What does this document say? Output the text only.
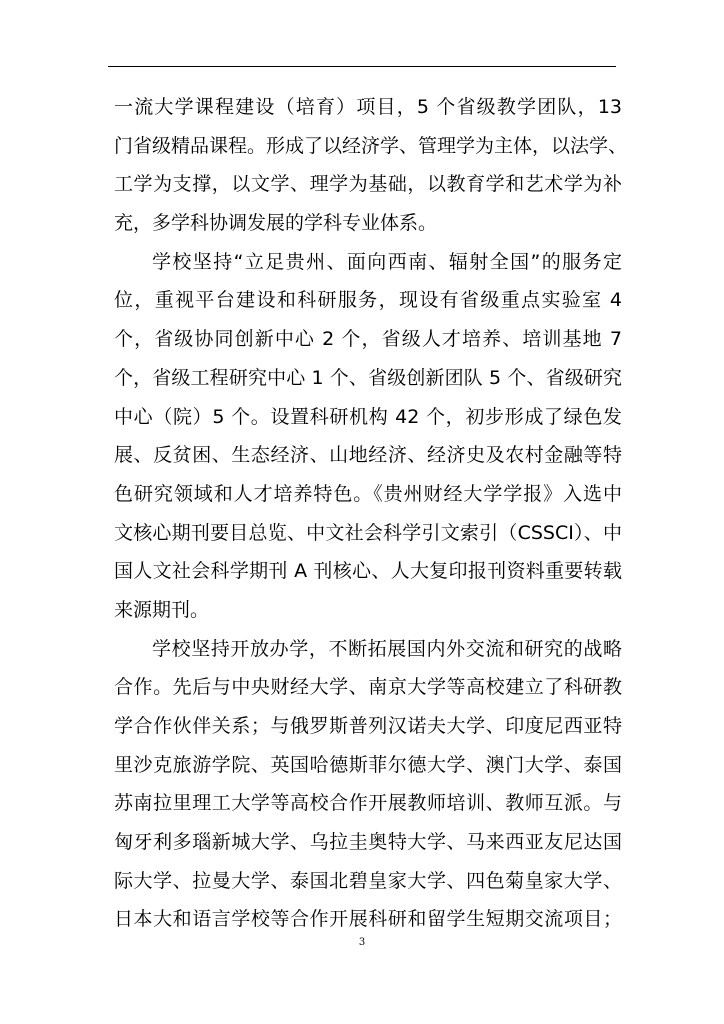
一流大学课程建设（培育）项目，5 个省级教学团队，13
门省级精品课程。形成了以经济学、管理学为主体，以法学、
工学为支撑，以文学、理学为基础，以教育学和艺术学为补
充，多学科协调发展的学科专业体系。
学校坚持“立足贵州、面向西南、辐射全国”的服务定
位，重视平台建设和科研服务，现设有省级重点实验室 4
个，省级协同创新中心 2 个，省级人才培养、培训基地 7
个，省级工程研究中心 1 个、省级创新团队 5 个、省级研究
中心（院）5 个。设置科研机构 42 个，初步形成了绿色发
展、反贫困、生态经济、山地经济、经济史及农村金融等特
色研究领域和人才培养特色。《贵州财经大学学报》入选中
文核心期刊要目总览、中文社会科学引文索引（CSSCI）、中
国人文社会科学期刊 A 刊核心、人大复印报刊资料重要转载
来源期刊。
学校坚持开放办学，不断拓展国内外交流和研究的战略
合作。先后与中央财经大学、南京大学等高校建立了科研教
学合作伙伴关系；与俄罗斯普列汉诺夫大学、印度尼西亚特
里沙克旅游学院、英国哈德斯菲尔德大学、澳门大学、泰国
苏南拉里理工大学等高校合作开展教师培训、教师互派。与
匈牙利多瑙新城大学、乌拉圭奥特大学、马来西亚友尼达国
际大学、拉曼大学、泰国北碧皇家大学、四色菊皇家大学、
日本大和语言学校等合作开展科研和留学生短期交流项目；
3
